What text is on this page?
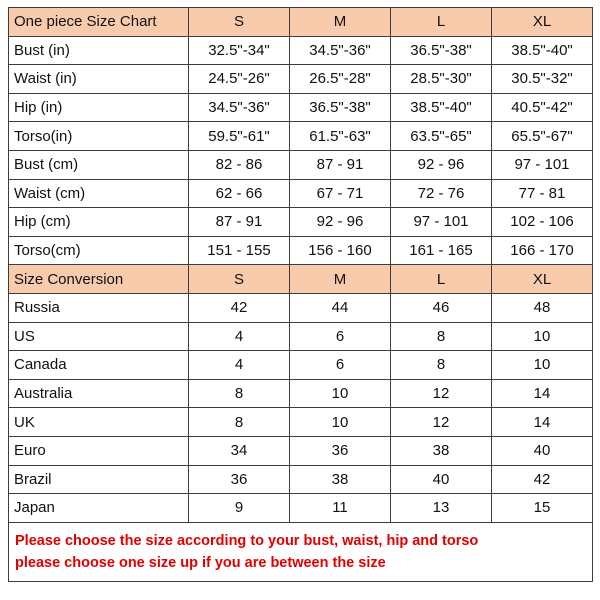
One piece Size Chart	S	M	L	XL
Bust (in)	32.5"-34"	34.5"-36"	36.5"-38"	38.5"-40"
Waist (in)	24.5"-26"	26.5"-28"	28.5"-30"	30.5"-32"
Hip (in)	34.5"-36"	36.5"-38"	38.5"-40"	40.5"-42"
Torso(in)	59.5"-61"	61.5"-63"	63.5"-65"	65.5"-67"
Bust (cm)	82 - 86	87 - 91	92 - 96	97 - 101
Waist (cm)	62 - 66	67 - 71	72 - 76	77 - 81
Hip (cm)	87 - 91	92 - 96	97 - 101	102 - 106
Torso(cm)	151 - 155	156 - 160	161 - 165	166 - 170
Size Conversion	S	M	L	XL
Russia	42	44	46	48
US	4	6	8	10
Canada	4	6	8	10
Australia	8	10	12	14
UK	8	10	12	14
Euro	34	36	38	40
Brazil	36	38	40	42
Japan	9	11	13	15

Please choose the size according to your bust, waist, hip and torso
please choose one size up if you are between the size				
